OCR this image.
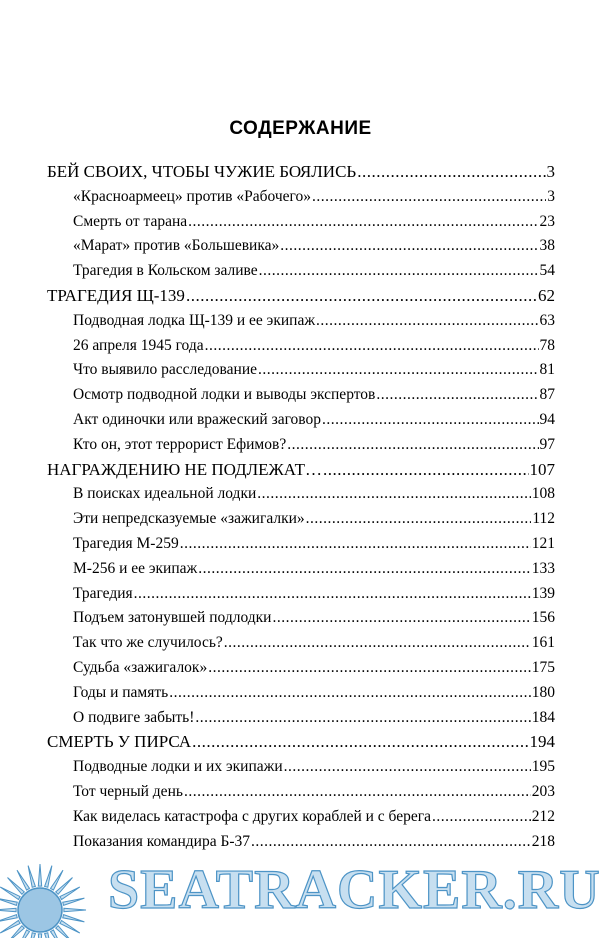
СОДЕРЖАНИЕ
БЕЙ СВОИХ, ЧТОБЫ ЧУЖИЕ БОЯЛИСЬ .....	3
«Красноармеец» против «Рабочего» .....	3
Смерть от тарана .....	23
«Марат» против «Большевика» .....	38
Трагедия в Кольском заливе .....	54
ТРАГЕДИЯ Щ-139 .....	62
Подводная лодка Щ-139 и ее экипаж .....	63
26 апреля 1945 года .....	78
Что выявило расследование .....	81
Осмотр подводной лодки и выводы экспертов .....	87
Акт одиночки или вражеский заговор .....	94
Кто он, этот террорист Ефимов? .....	97
НАГРАЖДЕНИЮ НЕ ПОДЛЕЖАТ… .....	107
В поисках идеальной лодки .....	108
Эти непредсказуемые «зажигалки» .....	112
Трагедия М-259 .....	121
М-256 и ее экипаж .....	133
Трагедия .....	139
Подъем затонувшей подлодки .....	156
Так что же случилось? .....	161
Судьба «зажигалок» .....	175
Годы и память .....	180
О подвиге забыть! .....	184
СМЕРТЬ У ПИРСА .....	194
Подводные лодки и их экипажи .....	195
Тот черный день .....	203
Как виделась катастрофа с других кораблей и с берега .....	212
Показания командира Б-37 .....	218
SEATRACKER.RU
